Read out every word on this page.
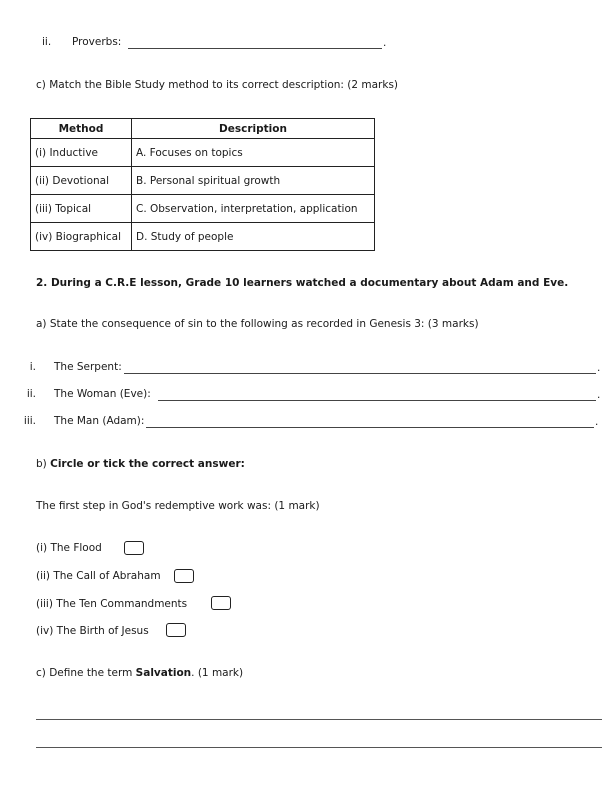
ii. Proverbs:	.
c) Match the Bible Study method to its correct description: (2 marks)
Method	Description
(i) Inductive	A. Focuses on topics
(ii) Devotional	B. Personal spiritual growth
(iii) Topical	C. Observation, interpretation, application
(iv) Biographical	D. Study of people
2. During a C.R.E lesson, Grade 10 learners watched a documentary about Adam and Eve.
a) State the consequence of sin to the following as recorded in Genesis 3: (3 marks)
i. The Serpent:	.
ii. The Woman (Eve):	.
iii. The Man (Adam):	.
b) Circle or tick the correct answer:
The first step in God's redemptive work was: (1 mark)
(i) The Flood
(ii) The Call of Abraham
(iii) The Ten Commandments
(iv) The Birth of Jesus
c) Define the term Salvation. (1 mark)
